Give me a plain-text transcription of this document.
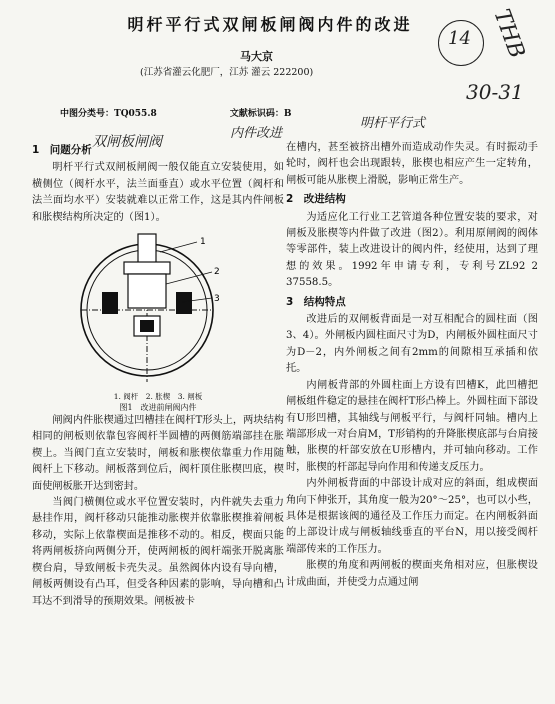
14 THB
30-31
明杆平行式双闸板闸阀内件的改进
马大京
(江苏省灌云化肥厂，江苏 灌云 222200)
中图分类号：TQ055.8	文献标识码：B
双闸板闸阀
内件改进
明杆平行式
1　问题分析

明杆平行式双闸板闸阀一般仅能直立安装使用，如横侧位（阀杆水平，法兰面垂直）或水平位置（阀杆和法兰面均水平）安装就难以正常工作，这是其内件闸板和胀楔结构所决定的（图1）。

1
2
3
1. 阀杆　2. 胀楔　3. 闸板
图1　改进前闸阀内件

闸阀内件胀楔通过凹槽挂在阀杆T形头上，两块结构相同的闸板则依靠包容阀杆半圆槽的两侧筋端部挂在胀楔上。当阀门直立安装时，闸板和胀楔依靠重力作用随阀杆上下移动。闸板落到位后，阀杆顶住胀楔凹底，楔面使闸板胀开达到密封。

当阀门横侧位或水平位置安装时，内件就失去重力悬挂作用，阀杆移动只能推动胀楔并依靠胀楔推着闸板移动，实际上依靠楔面是推移不动的。相反，楔面只能将两闸板挤向两侧分开，使两闸板的阀杆端张开脱离胀楔台肩，导致闸板卡壳失灵。虽然阀体内设有导向槽，闸板两侧设有凸耳，但受各种因素的影响，导向槽和凸耳达不到滑导的预期效果。闸板被卡

在槽内，甚至被挤出槽外而造成动作失灵。有时振动手轮时，阀杆也会出现跟转，胀楔也相应产生一定转角，闸板可能从胀楔上滑脱，影响正常生产。

2　改进结构

为适应化工行业工艺管道各种位置安装的要求，对闸板及胀楔等内件做了改进（图2）。利用原闸阀的阀体等零部件，装上改进设计的阀内件，经使用，达到了理想的效果。1992年申请专利，专利号ZL92 2 37558.5。

3　结构特点

改进后的双闸板背面是一对互相配合的圆柱面（图3、4）。外闸板内圆柱面尺寸为D，内闸板外圆柱面尺寸为D－2，内外闸板之间有2mm的间隙相互承插和依托。

内闸板背部的外圆柱面上方设有凹槽K，此凹槽把闸板组件稳定的悬挂在阀杆T形凸棒上。外圆柱面下部设有U形凹槽，其轴线与闸板平行，与阀杆同轴。槽内上端部形成一对台肩M，T形销构的升降胀楔底部与台肩接触，胀楔的杆部安放在U形槽内，并可轴向移动。工作时，胀楔的杆部起导向作用和传递支反压力。

内外闸板背面的中部设计成对应的斜面，组成楔面角向下伸张开，其角度一般为20°～25°，也可以小些，具体是根据该阀的通径及工作压力而定。在内闸板斜面的上部设计成与闸板轴线垂直的平台N，用以接受阀杆端部传来的工作压力。

胀楔的角度和两闸板的楔面夹角相对应，但胀楔设计成曲面，并使受力点通过闸
